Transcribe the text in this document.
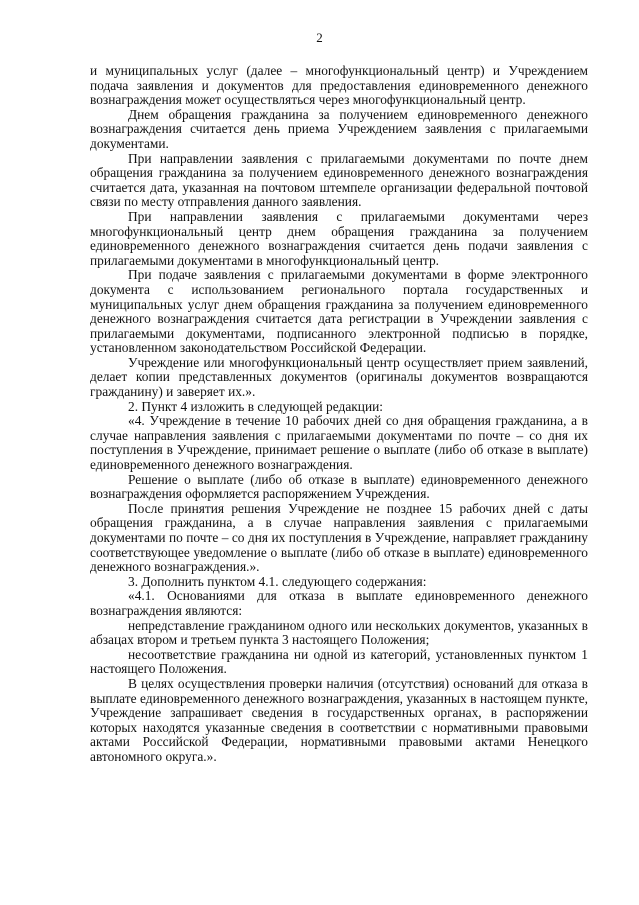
2

и муниципальных услуг (далее – многофункциональный центр) и Учреждением подача заявления и документов для предоставления единовременного денежного вознаграждения может осуществляться через многофункциональный центр.

Днем обращения гражданина за получением единовременного денежного вознаграждения считается день приема Учреждением заявления с прилагаемыми документами.

При направлении заявления с прилагаемыми документами по почте днем обращения гражданина за получением единовременного денежного вознаграждения считается дата, указанная на почтовом штемпеле организации федеральной почтовой связи по месту отправления данного заявления.

При направлении заявления с прилагаемыми документами через многофункциональный центр днем обращения гражданина за получением единовременного денежного вознаграждения считается день подачи заявления с прилагаемыми документами в многофункциональный центр.

При подаче заявления с прилагаемыми документами в форме электронного документа с использованием регионального портала государственных и муниципальных услуг днем обращения гражданина за получением единовременного денежного вознаграждения считается дата регистрации в Учреждении заявления с прилагаемыми документами, подписанного электронной подписью в порядке, установленном законодательством Российской Федерации.

Учреждение или многофункциональный центр осуществляет прием заявлений, делает копии представленных документов (оригиналы документов возвращаются гражданину) и заверяет их.».

2. Пункт 4 изложить в следующей редакции:

«4. Учреждение в течение 10 рабочих дней со дня обращения гражданина, а в случае направления заявления с прилагаемыми документами по почте – со дня их поступления в Учреждение, принимает решение о выплате (либо об отказе в выплате) единовременного денежного вознаграждения.

Решение о выплате (либо об отказе в выплате) единовременного денежного вознаграждения оформляется распоряжением Учреждения.

После принятия решения Учреждение не позднее 15 рабочих дней с даты обращения гражданина, а в случае направления заявления с прилагаемыми документами по почте – со дня их поступления в Учреждение, направляет гражданину соответствующее уведомление о выплате (либо об отказе в выплате) единовременного денежного вознаграждения.».

3. Дополнить пунктом 4.1. следующего содержания:

«4.1. Основаниями для отказа в выплате единовременного денежного вознаграждения являются:

непредставление гражданином одного или нескольких документов, указанных в абзацах втором и третьем пункта 3 настоящего Положения;

несоответствие гражданина ни одной из категорий, установленных пунктом 1 настоящего Положения.

В целях осуществления проверки наличия (отсутствия) оснований для отказа в выплате единовременного денежного вознаграждения, указанных в настоящем пункте, Учреждение запрашивает сведения в государственных органах, в распоряжении которых находятся указанные сведения в соответствии с нормативными правовыми актами Российской Федерации, нормативными правовыми актами Ненецкого автономного округа.».
